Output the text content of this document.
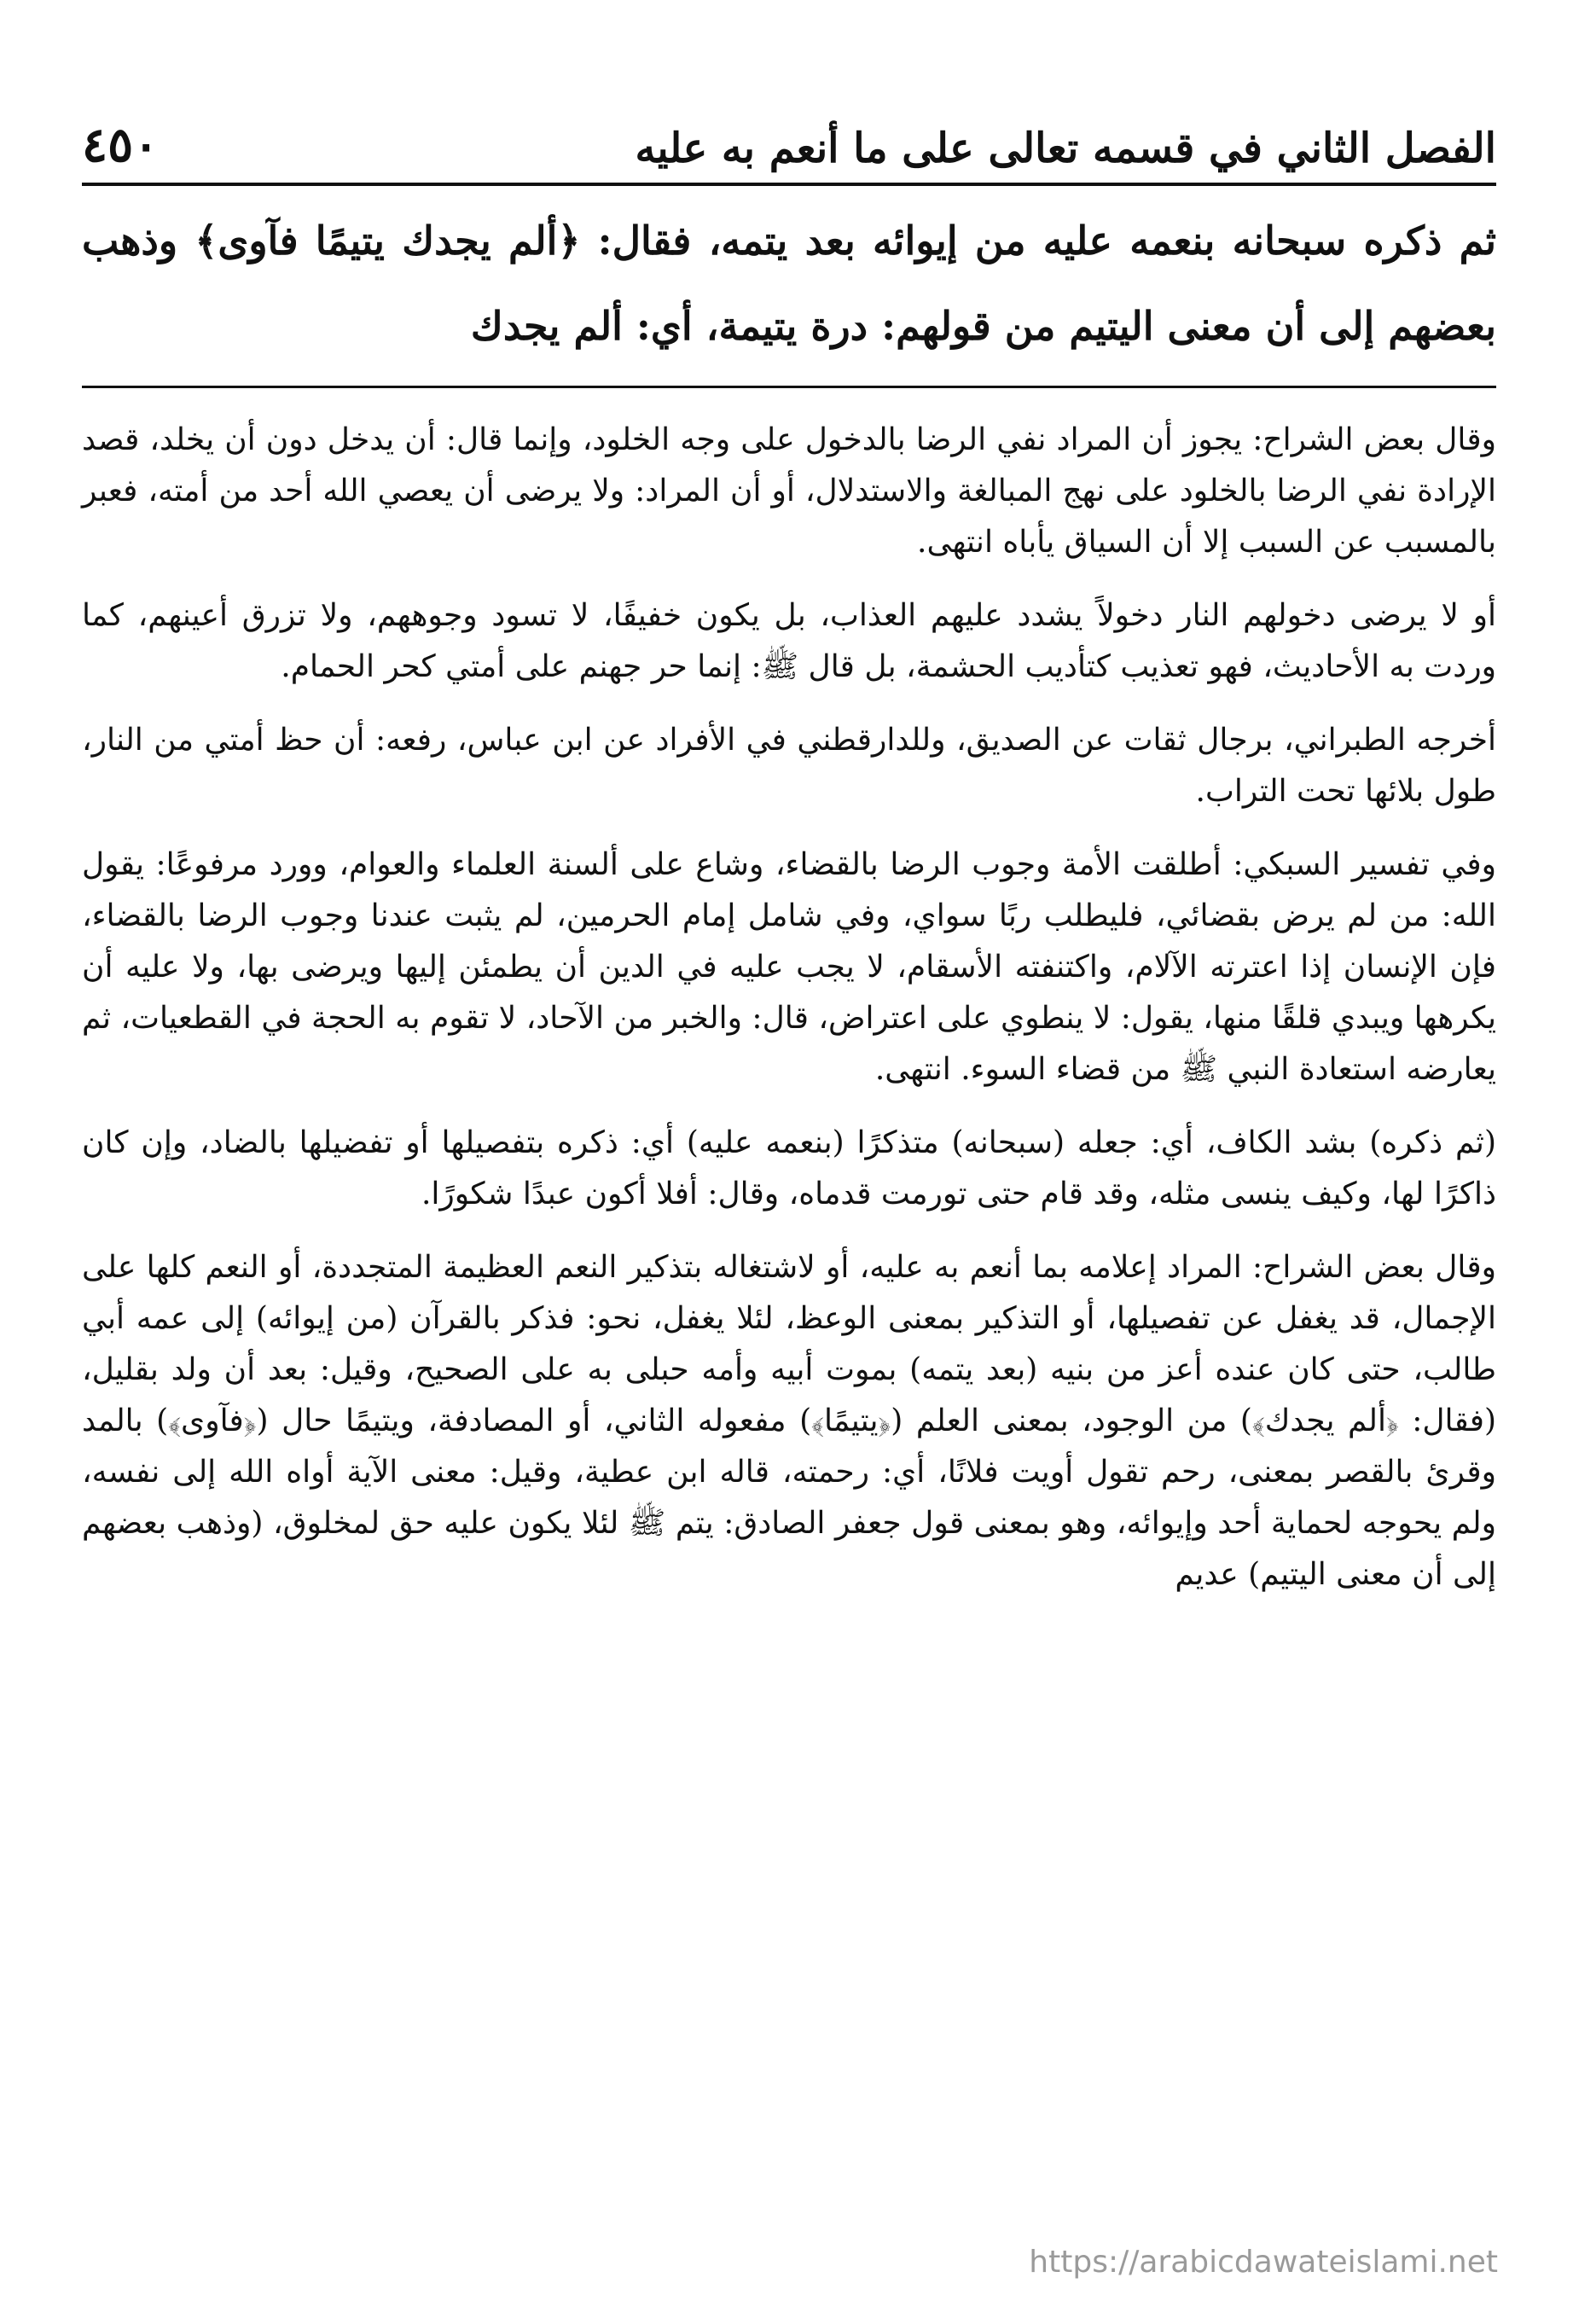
الفصل الثاني في قسمه تعالى على ما أنعم به عليه
٤٥٠
ثم ذكره سبحانه بنعمه عليه من إيوائه بعد يتمه، فقال: ﴿ألم يجدك يتيمًا فآوى﴾ وذهب بعضهم إلى أن معنى اليتيم من قولهم: درة يتيمة، أي: ألم يجدك

وقال بعض الشراح: يجوز أن المراد نفي الرضا بالدخول على وجه الخلود، وإنما قال: أن يدخل دون أن يخلد، قصد الإرادة نفي الرضا بالخلود على نهج المبالغة والاستدلال، أو أن المراد: ولا يرضى أن يعصي الله أحد من أمته، فعبر بالمسبب عن السبب إلا أن السياق يأباه انتهى.

أو لا يرضى دخولهم النار دخولاً يشدد عليهم العذاب، بل يكون خفيفًا، لا تسود وجوههم، ولا تزرق أعينهم، كما وردت به الأحاديث، فهو تعذيب كتأديب الحشمة، بل قال ﷺ: إنما حر جهنم على أمتي كحر الحمام.

أخرجه الطبراني، برجال ثقات عن الصديق، وللدارقطني في الأفراد عن ابن عباس، رفعه: أن حظ أمتي من النار، طول بلائها تحت التراب.

وفي تفسير السبكي: أطلقت الأمة وجوب الرضا بالقضاء، وشاع على ألسنة العلماء والعوام، وورد مرفوعًا: يقول الله: من لم يرض بقضائي، فليطلب ربًا سواي، وفي شامل إمام الحرمين، لم يثبت عندنا وجوب الرضا بالقضاء، فإن الإنسان إذا اعترته الآلام، واكتنفته الأسقام، لا يجب عليه في الدين أن يطمئن إليها ويرضى بها، ولا عليه أن يكرهها ويبدي قلقًا منها، يقول: لا ينطوي على اعتراض، قال: والخبر من الآحاد، لا تقوم به الحجة في القطعيات، ثم يعارضه استعادة النبي ﷺ من قضاء السوء. انتهى.

(ثم ذكره) بشد الكاف، أي: جعله (سبحانه) متذكرًا (بنعمه عليه) أي: ذكره بتفصيلها أو تفضيلها بالضاد، وإن كان ذاكرًا لها، وكيف ينسى مثله، وقد قام حتى تورمت قدماه، وقال: أفلا أكون عبدًا شكورًا.

وقال بعض الشراح: المراد إعلامه بما أنعم به عليه، أو لاشتغاله بتذكير النعم العظيمة المتجددة، أو النعم كلها على الإجمال، قد يغفل عن تفصيلها، أو التذكير بمعنى الوعظ، لئلا يغفل، نحو: فذكر بالقرآن (من إيوائه) إلى عمه أبي طالب، حتى كان عنده أعز من بنيه (بعد يتمه) بموت أبيه وأمه حبلى به على الصحيح، وقيل: بعد أن ولد بقليل، (فقال: ﴿ألم يجدك﴾) من الوجود، بمعنى العلم (﴿يتيمًا﴾) مفعوله الثاني، أو المصادفة، ويتيمًا حال (﴿فآوى﴾) بالمد وقرئ بالقصر بمعنى، رحم تقول أويت فلانًا، أي: رحمته، قاله ابن عطية، وقيل: معنى الآية أواه الله إلى نفسه، ولم يحوجه لحماية أحد وإيوائه، وهو بمعنى قول جعفر الصادق: يتم ﷺ لئلا يكون عليه حق لمخلوق، (وذهب بعضهم إلى أن معنى اليتيم) عديم

https://arabicdawateislami.net
